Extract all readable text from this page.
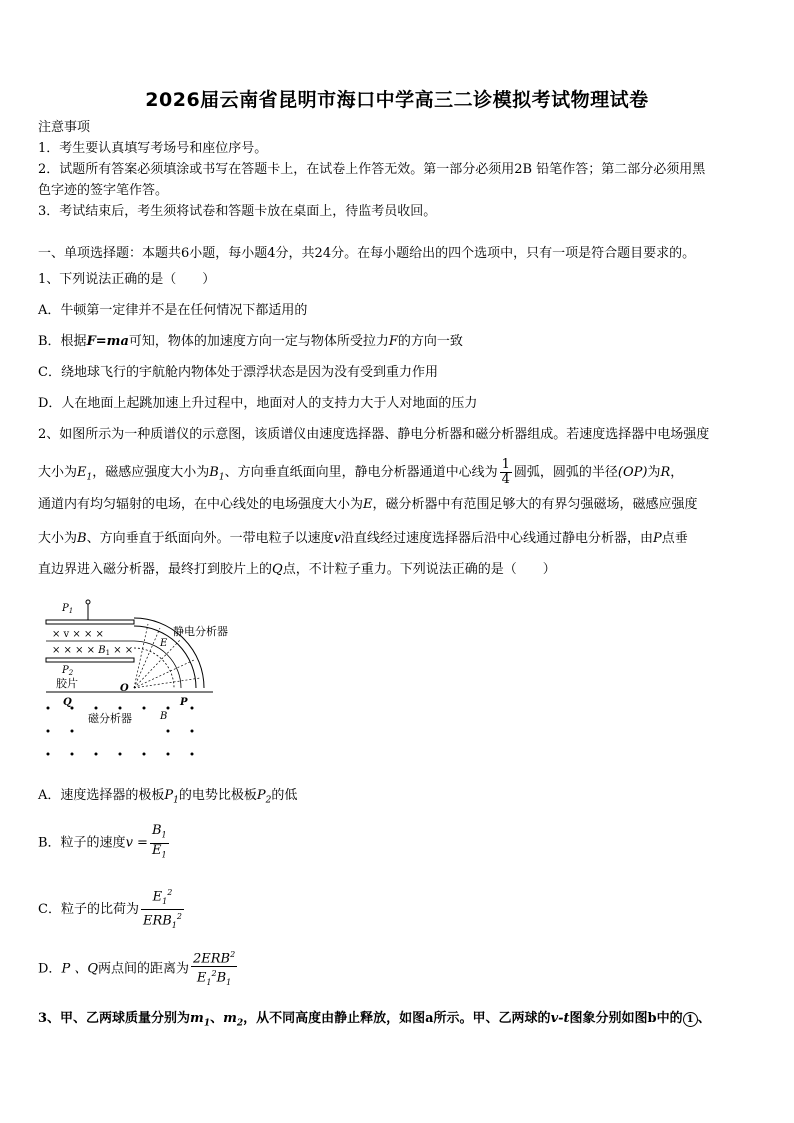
2026届云南省昆明市海口中学高三二诊模拟考试物理试卷
注意事项
1．考生要认真填写考场号和座位序号。
2．试题所有答案必须填涂或书写在答题卡上，在试卷上作答无效。第一部分必须用2B 铅笔作答；第二部分必须用黑
色字迹的签字笔作答。
3．考试结束后，考生须将试卷和答题卡放在桌面上，待监考员收回。
一、单项选择题：本题共6小题，每小题4分，共24分。在每小题给出的四个选项中，只有一项是符合题目要求的。
1、下列说法正确的是（　　）
A．牛顿第一定律并不是在任何情况下都适用的
B．根据F=ma可知，物体的加速度方向一定与物体所受拉力F的方向一致
C．绕地球飞行的宇航舱内物体处于漂浮状态是因为没有受到重力作用
D．人在地面上起跳加速上升过程中，地面对人的支持力大于人对地面的压力
2、如图所示为一种质谱仪的示意图，该质谱仪由速度选择器、静电分析器和磁分析器组成。若速度选择器中电场强度
大小为$E_1$，磁感应强度大小为$B_1$、方向垂直纸面向里，静电分析器通道中心线为 $\frac{1}{4}$ 圆弧，圆弧的半径(OP)为R，
通道内有均匀辐射的电场，在中心线处的电场强度大小为E，磁分析器中有范围足够大的有界匀强磁场，磁感应强度
大小为B、方向垂直于纸面向外。一带电粒子以速度v沿直线经过速度选择器后沿中心线通过静电分析器，由P点垂
直边界进入磁分析器，最终打到胶片上的Q点，不计粒子重力。下列说法正确的是（　　）
$P_1$
× v × × ×
× × × × $B_1$ × ×
$P_2$
E
静电分析器
胶片	O
Q	P
B
磁分析器
A．速度选择器的极板$P_1$的电势比极板$P_2$的低
B．粒子的速度$v = \frac{B_1}{E_1}$
C．粒子的比荷为 $\frac{E_1^2}{ERB_1^2}$
D．P 、Q两点间的距离为 $\frac{2ERB^2}{E_1^2B_1}$
3、甲、乙两球质量分别为$m_1$、$m_2$，从不同高度由静止释放，如图a所示。甲、乙两球的v-t图象分别如图b中的 1 、
